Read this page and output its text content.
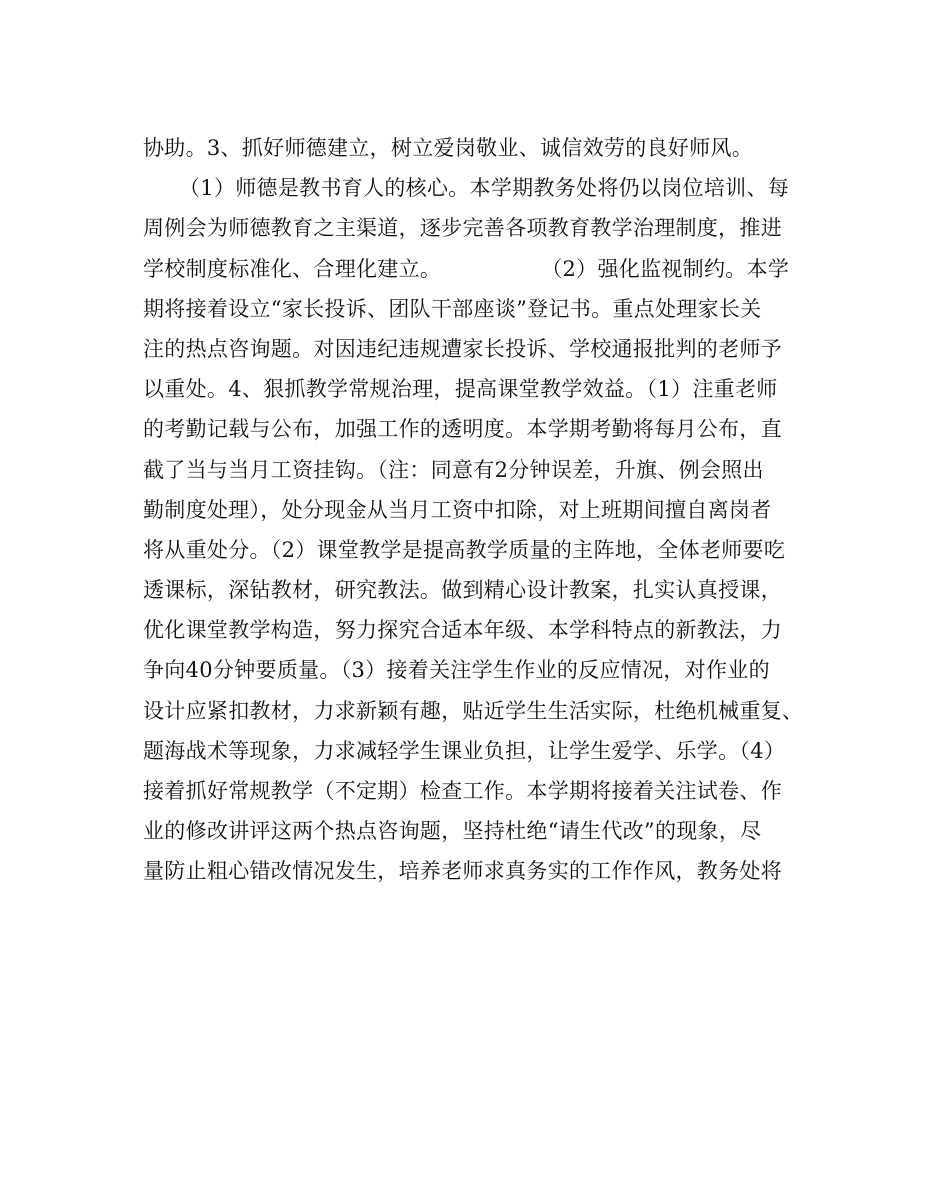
协助。3、抓好师德建立，树立爱岗敬业、诚信效劳的良好师风。
（1）师德是教书育人的核心。本学期教务处将仍以岗位培训、每
周例会为师德教育之主渠道，逐步完善各项教育教学治理制度，推进
学校制度标准化、合理化建立。	（2）强化监视制约。本学
期将接着设立“家长投诉、团队干部座谈”登记书。重点处理家长关
注的热点咨询题。对因违纪违规遭家长投诉、学校通报批判的老师予
以重处。4、狠抓教学常规治理，提高课堂教学效益。（1）注重老师
的考勤记载与公布，加强工作的透明度。本学期考勤将每月公布，直
截了当与当月工资挂钩。（注：同意有2分钟误差，升旗、例会照出
勤制度处理），处分现金从当月工资中扣除，对上班期间擅自离岗者
将从重处分。（2）课堂教学是提高教学质量的主阵地，全体老师要吃
透课标，深钻教材，研究教法。做到精心设计教案，扎实认真授课，
优化课堂教学构造，努力探究合适本年级、本学科特点的新教法，力
争向40分钟要质量。（3）接着关注学生作业的反应情况，对作业的
设计应紧扣教材，力求新颖有趣，贴近学生生活实际，杜绝机械重复、
题海战术等现象，力求减轻学生课业负担，让学生爱学、乐学。（4）
接着抓好常规教学（不定期）检查工作。本学期将接着关注试卷、作
业的修改讲评这两个热点咨询题，坚持杜绝“请生代改”的现象，尽
量防止粗心错改情况发生，培养老师求真务实的工作作风，教务处将
